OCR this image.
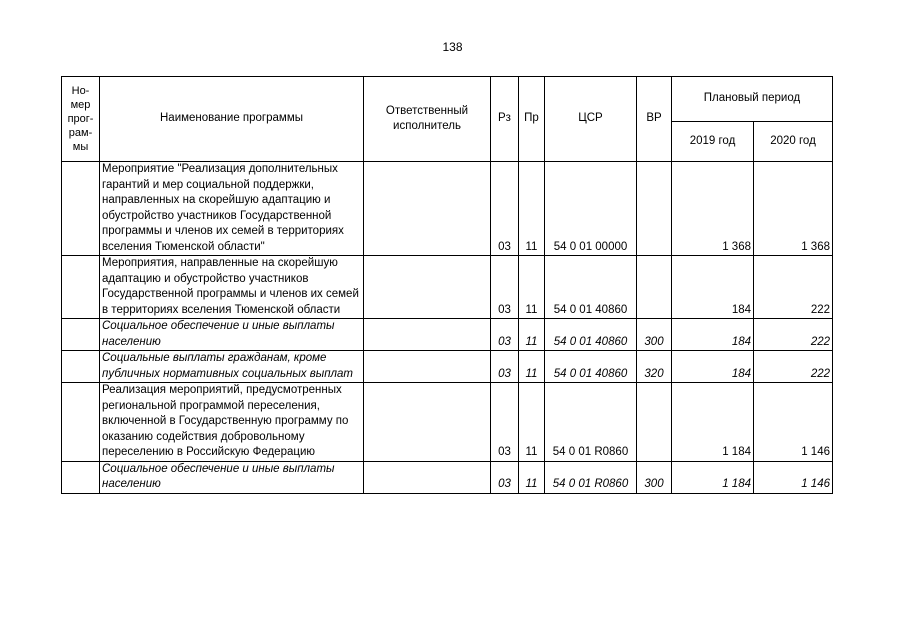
138
Но-мер прог-рам-мы	Наименование программы	Ответственный исполнитель	Рз	Пр	ЦСР	ВР	Плановый период	
							2019 год	2020 год
	Мероприятие "Реализация дополнительных гарантий и мер социальной поддержки, направленных на скорейшую адаптацию и обустройство участников Государственной программы и членов их семей в территориях вселения Тюменской области"		03	11	54 0 01 00000		1 368	1 368
	Мероприятия, направленные на скорейшую адаптацию и обустройство участников Государственной программы и членов их семей в территориях вселения Тюменской области		03	11	54 0 01 40860		184	222
	Социальное обеспечение и иные выплаты населению		03	11	54 0 01 40860	300	184	222
	Социальные выплаты гражданам, кроме публичных нормативных социальных выплат		03	11	54 0 01 40860	320	184	222
	Реализация мероприятий, предусмотренных региональной программой переселения, включенной в Государственную программу по оказанию содействия добровольному переселению в Российскую Федерацию		03	11	54 0 01 R0860		1 184	1 146
	Социальное обеспечение и иные выплаты населению		03	11	54 0 01 R0860	300	1 184	1 146
